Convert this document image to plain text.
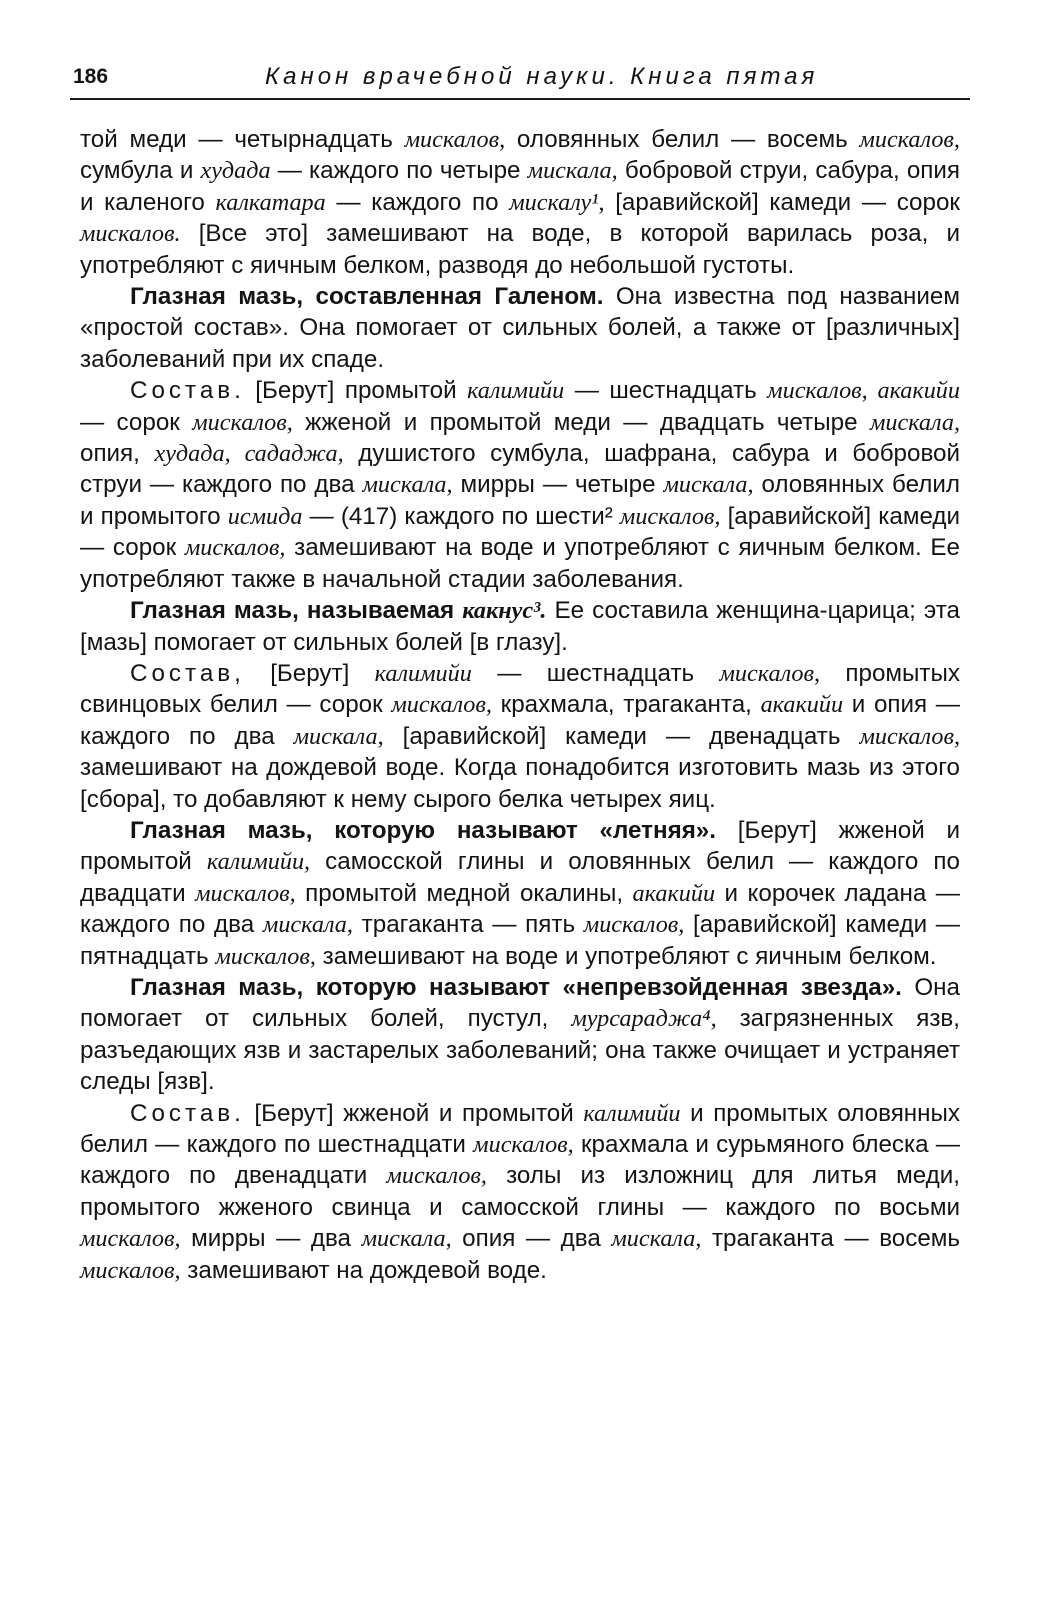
186	Канон врачебной науки. Книга пятая

той меди — четырнадцать мискалов, оловянных белил — восемь мискалов, сумбула и худада — каждого по четыре мискала, бобровой струи, сабура, опия и каленого калкатара — каждого по мискалу¹, [аравийской] камеди — сорок мискалов. [Все это] замешивают на воде, в которой варилась роза, и употребляют с яичным белком, разводя до небольшой густоты.

Глазная мазь, составленная Галеном. Она известна под названием «простой состав». Она помогает от сильных болей, а также от [различных] заболеваний при их спаде.

Состав. [Берут] промытой калимийи — шестнадцать мискалов, акакийи — сорок мискалов, жженой и промытой меди — двадцать четыре мискала, опия, худада, сададжа, душистого сумбула, шафрана, сабура и бобровой струи — каждого по два мискала, мирры — четыре мискала, оловянных белил и промытого исмида — (417) каждого по шести² мискалов, [аравийской] камеди — сорок мискалов, замешивают на воде и употребляют с яичным белком. Ее употребляют также в начальной стадии заболевания.

Глазная мазь, называемая какнус³. Ее составила женщина-царица; эта [мазь] помогает от сильных болей [в глазу].

Состав, [Берут] калимийи — шестнадцать мискалов, промытых свинцовых белил — сорок мискалов, крахмала, трагаканта, акакийи и опия — каждого по два мискала, [аравийской] камеди — двенадцать мискалов, замешивают на дождевой воде. Когда понадобится изготовить мазь из этого [сбора], то добавляют к нему сырого белка четырех яиц.

Глазная мазь, которую называют «летняя». [Берут] жженой и промытой калимийи, самосской глины и оловянных белил — каждого по двадцати мискалов, промытой медной окалины, акакийи и корочек ладана — каждого по два мискала, трагаканта — пять мискалов, [аравийской] камеди — пятнадцать мискалов, замешивают на воде и употребляют с яичным белком.

Глазная мазь, которую называют «непревзойденная звезда». Она помогает от сильных болей, пустул, мурсараджа⁴, загрязненных язв, разъедающих язв и застарелых заболеваний; она также очищает и устраняет следы [язв].

Состав. [Берут] жженой и промытой калимийи и промытых оловянных белил — каждого по шестнадцати мискалов, крахмала и сурьмяного блеска — каждого по двенадцати мискалов, золы из изложниц для литья меди, промытого жженого свинца и самосской глины — каждого по восьми мискалов, мирры — два мискала, опия — два мискала, трагаканта — восемь мискалов, замешивают на дождевой воде.
